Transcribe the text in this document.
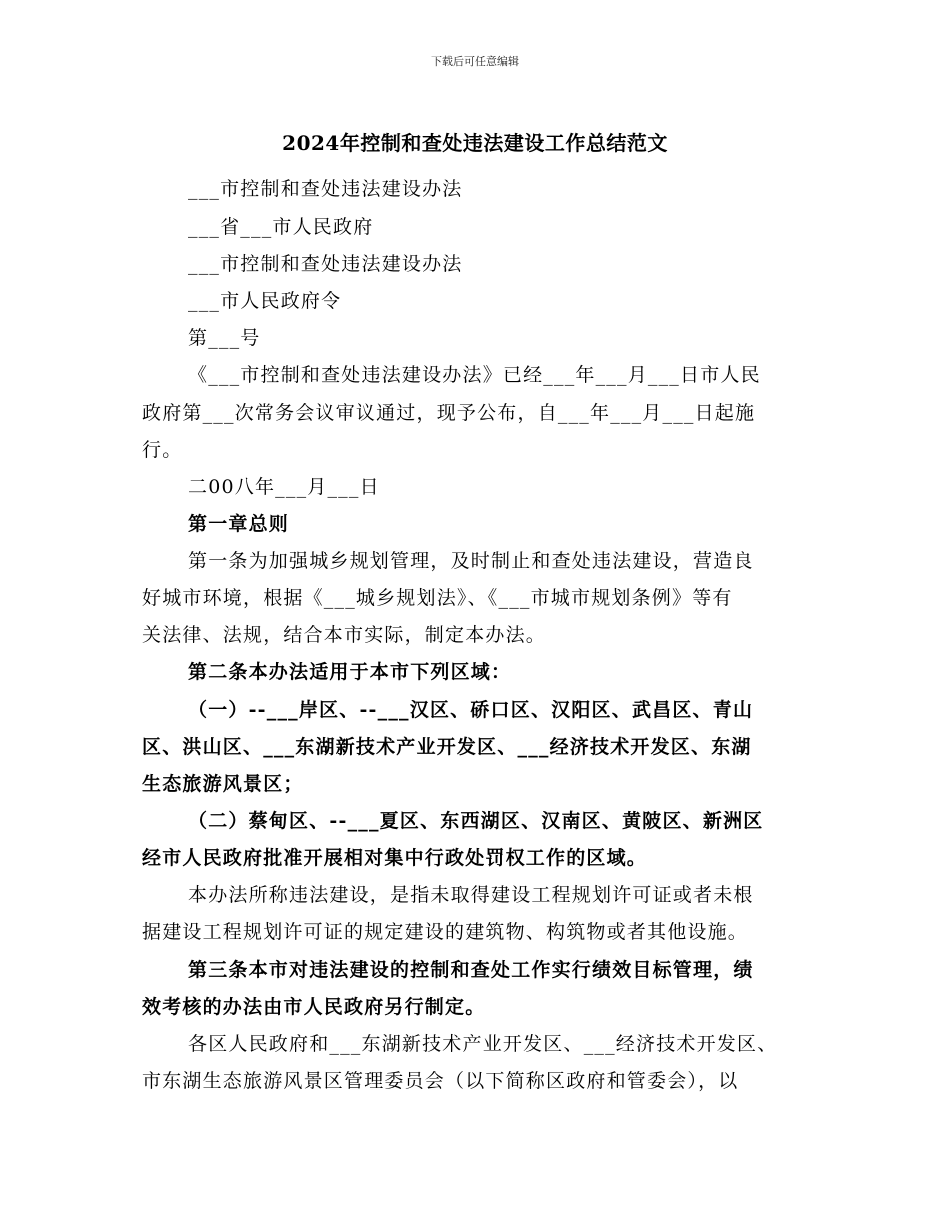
下载后可任意编辑
2024年控制和查处违法建设工作总结范文
___市控制和查处违法建设办法
___省___市人民政府
___市控制和查处违法建设办法
___市人民政府令
第___号
《___市控制和查处违法建设办法》已经___年___月___日市人民
政府第___次常务会议审议通过，现予公布，自___年___月___日起施
行。
二00八年___月___日
第一章总则
第一条为加强城乡规划管理，及时制止和查处违法建设，营造良
好城市环境，根据《___城乡规划法》、《___市城市规划条例》等有
关法律、法规，结合本市实际，制定本办法。
第二条本办法适用于本市下列区域：
（一）--___岸区、--___汉区、硚口区、汉阳区、武昌区、青山
区、洪山区、___东湖新技术产业开发区、___经济技术开发区、东湖
生态旅游风景区；
（二）蔡甸区、--___夏区、东西湖区、汉南区、黄陂区、新洲区
经市人民政府批准开展相对集中行政处罚权工作的区域。
本办法所称违法建设，是指未取得建设工程规划许可证或者未根
据建设工程规划许可证的规定建设的建筑物、构筑物或者其他设施。
第三条本市对违法建设的控制和查处工作实行绩效目标管理，绩
效考核的办法由市人民政府另行制定。
各区人民政府和___东湖新技术产业开发区、___经济技术开发区、
市东湖生态旅游风景区管理委员会（以下简称区政府和管委会），以
